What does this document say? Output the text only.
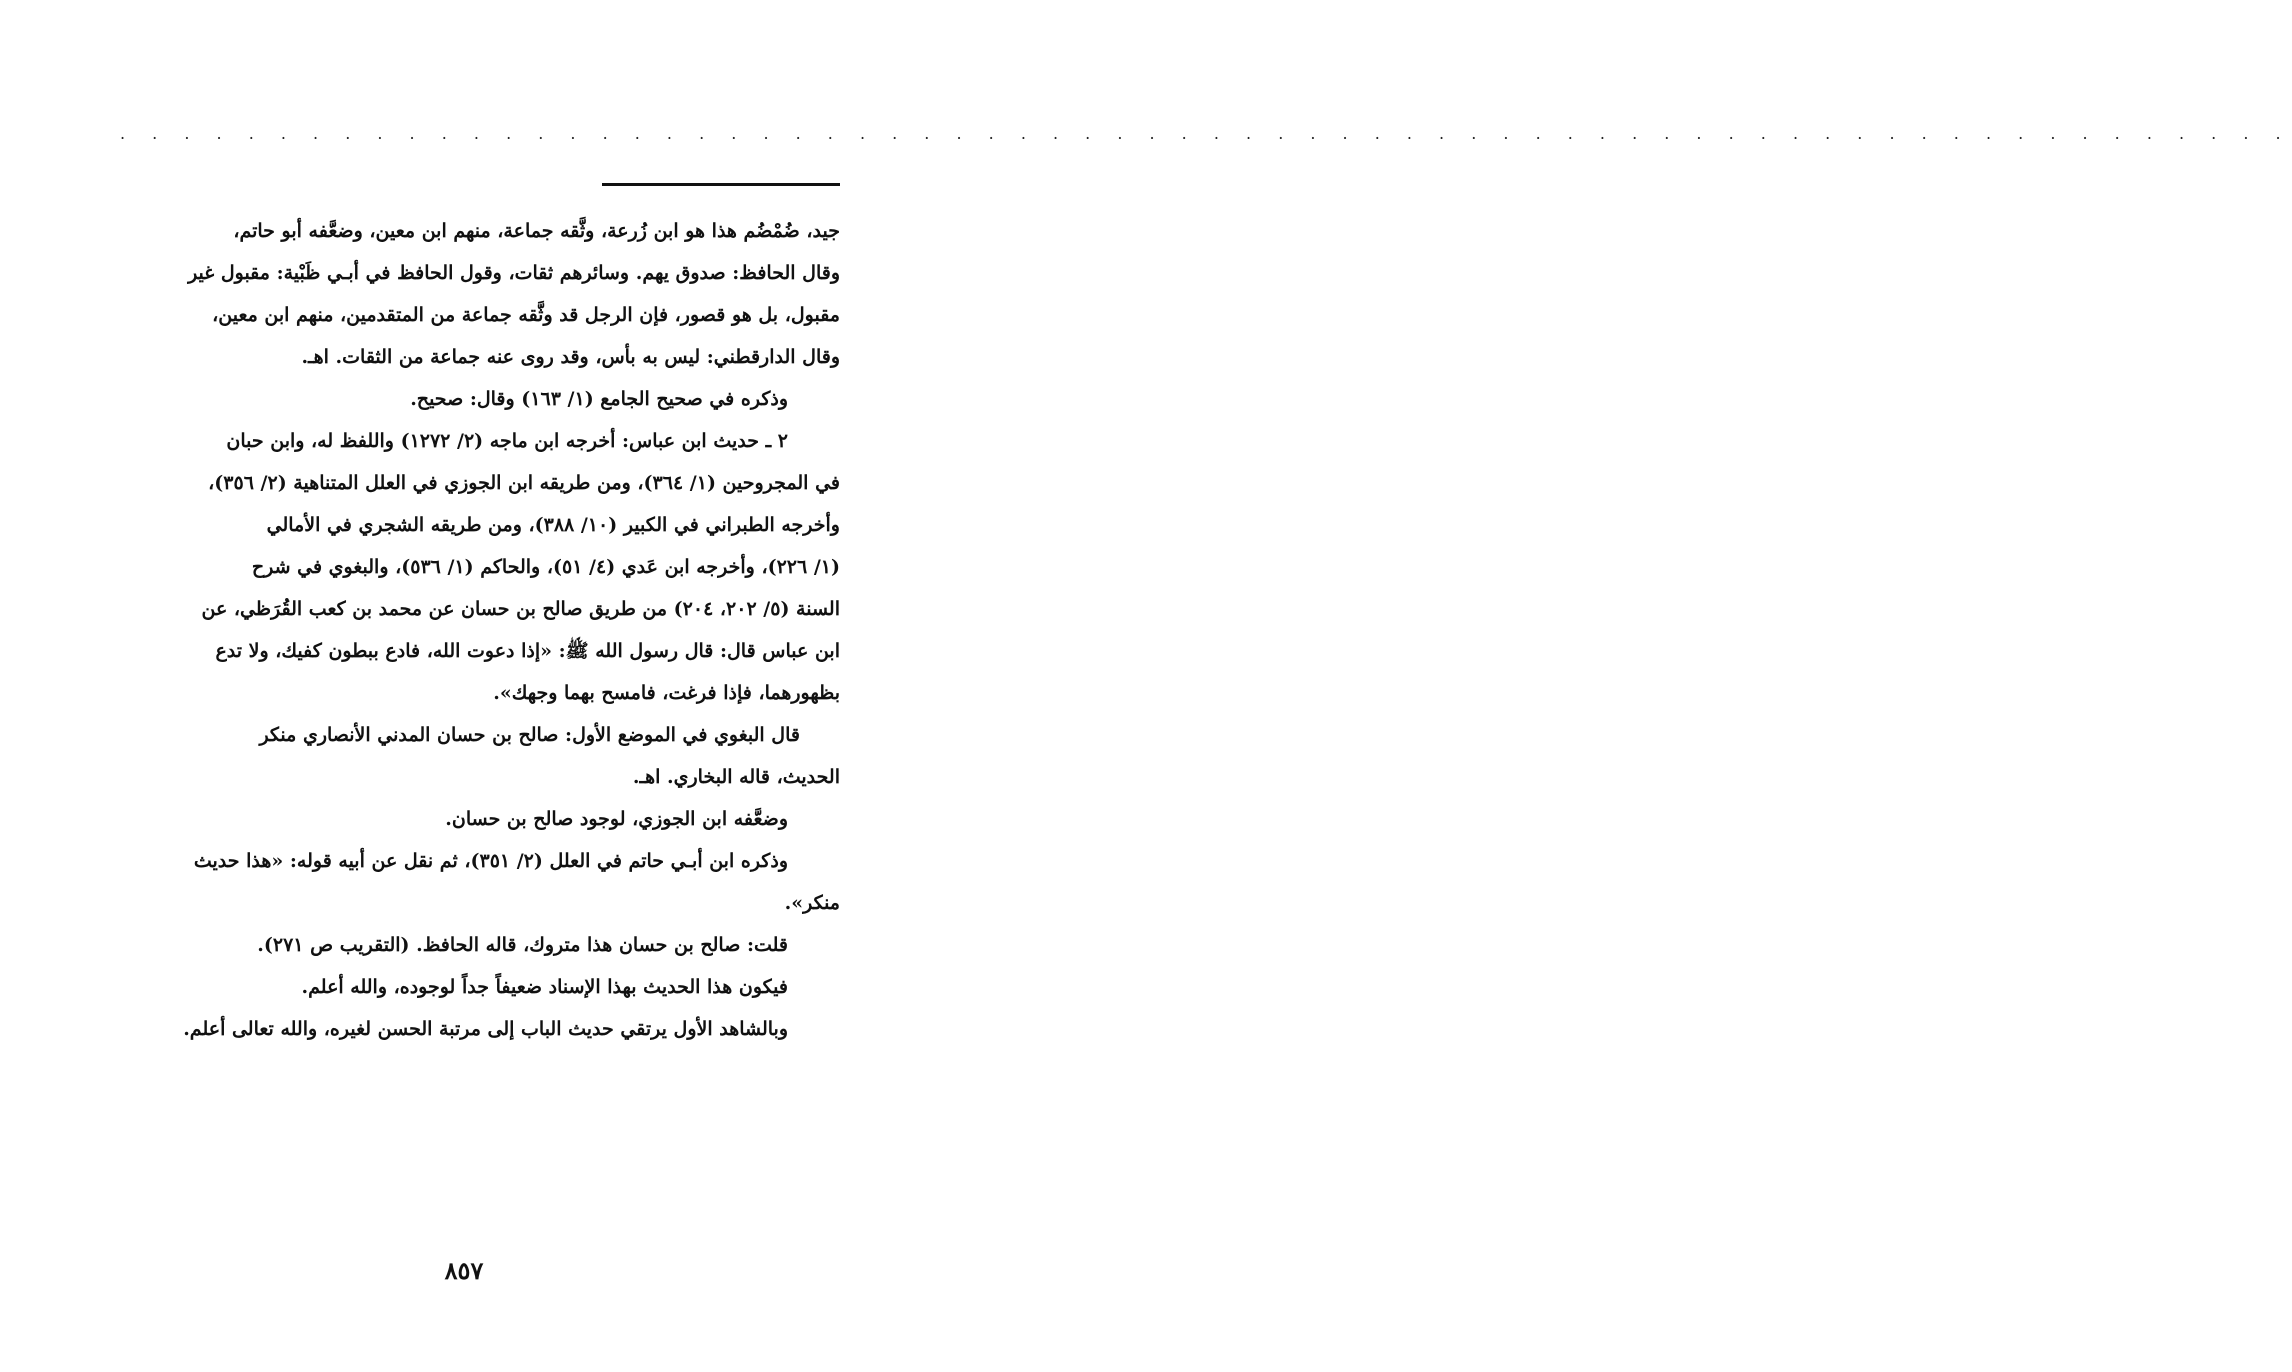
. . . . . . . . . . . . . . . . . . . . . . . . . . . . . . . . . . . . . . . . . . . . . . . . . . . . . . . . . . . . . . . . . . . .
جيد، ضُمْضُم هذا هو ابن زُرعة، وثَّقه جماعة، منهم ابن معين، وضعَّفه أبو حاتم،
وقال الحافظ: صدوق يهم. وسائرهم ثقات، وقول الحافظ في أبـي ظَبْية: مقبول غير
مقبول، بل هو قصور، فإن الرجل قد وثَّقه جماعة من المتقدمين، منهم ابن معين،
وقال الدارقطني: ليس به بأس، وقد روى عنه جماعة من الثقات. اهـ.
وذكره في صحيح الجامع (١/ ١٦٣) وقال: صحيح.
٢ ـ حديث ابن عباس: أخرجه ابن ماجه (٢/ ١٢٧٢) واللفظ له، وابن حبان
في المجروحين (١/ ٣٦٤)، ومن طريقه ابن الجوزي في العلل المتناهية (٢/ ٣٥٦)،
وأخرجه الطبراني في الكبير (١٠/ ٣٨٨)، ومن طريقه الشجري في الأمالي
(١/ ٢٢٦)، وأخرجه ابن عَدي (٤/ ٥١)، والحاكم (١/ ٥٣٦)، والبغوي في شرح
السنة (٥/ ٢٠٢، ٢٠٤) من طريق صالح بن حسان عن محمد بن كعب القُرَظي، عن
ابن عباس قال: قال رسول الله ﷺ: «إذا دعوت الله، فادع ببطون كفيك، ولا تدع
بظهورهما، فإذا فرغت، فامسح بهما وجهك».
قال البغوي في الموضع الأول: صالح بن حسان المدني الأنصاري منكر
الحديث، قاله البخاري. اهـ.
وضعَّفه ابن الجوزي، لوجود صالح بن حسان.
وذكره ابن أبـي حاتم في العلل (٢/ ٣٥١)، ثم نقل عن أبيه قوله: «هذا حديث
منكر».
قلت: صالح بن حسان هذا متروك، قاله الحافظ. (التقريب ص ٢٧١).
فيكون هذا الحديث بهذا الإسناد ضعيفاً جداً لوجوده، والله أعلم.
وبالشاهد الأول يرتقي حديث الباب إلى مرتبة الحسن لغيره، والله تعالى أعلم.
٨٥٧
